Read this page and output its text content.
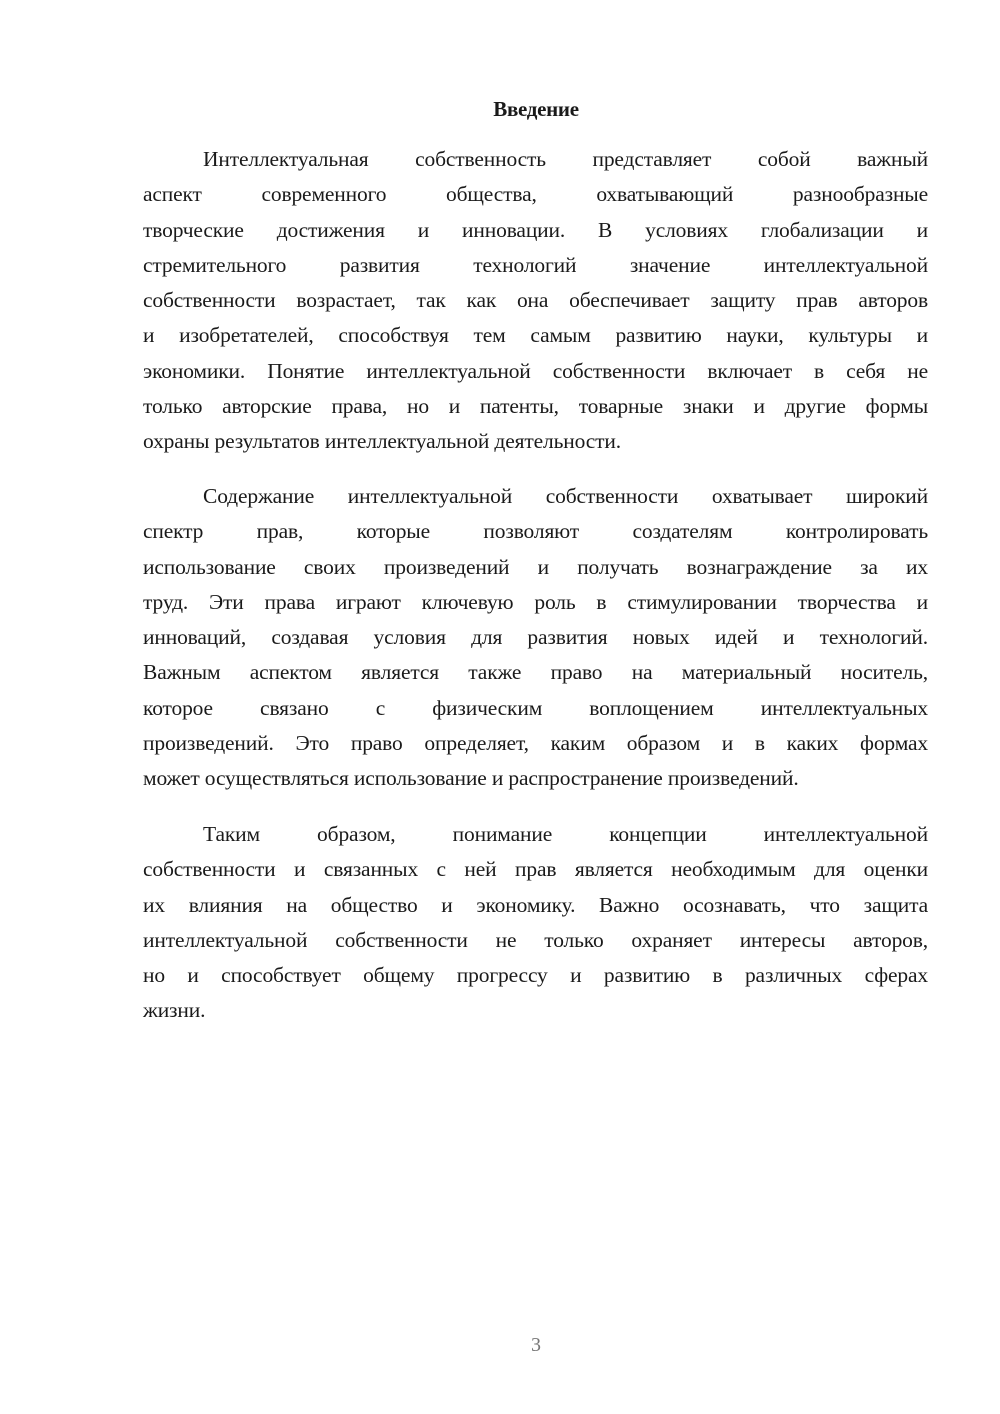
Введение
Интеллектуальная собственность представляет собой важный
аспект современного общества, охватывающий разнообразные
творческие достижения и инновации. В условиях глобализации и
стремительного развития технологий значение интеллектуальной
собственности возрастает, так как она обеспечивает защиту прав авторов
и изобретателей, способствуя тем самым развитию науки, культуры и
экономики. Понятие интеллектуальной собственности включает в себя не
только авторские права, но и патенты, товарные знаки и другие формы
охраны результатов интеллектуальной деятельности.
Содержание интеллектуальной собственности охватывает широкий
спектр прав, которые позволяют создателям контролировать
использование своих произведений и получать вознаграждение за их
труд. Эти права играют ключевую роль в стимулировании творчества и
инноваций, создавая условия для развития новых идей и технологий.
Важным аспектом является также право на материальный носитель,
которое связано с физическим воплощением интеллектуальных
произведений. Это право определяет, каким образом и в каких формах
может осуществляться использование и распространение произведений.
Таким образом, понимание концепции интеллектуальной
собственности и связанных с ней прав является необходимым для оценки
их влияния на общество и экономику. Важно осознавать, что защита
интеллектуальной собственности не только охраняет интересы авторов,
но и способствует общему прогрессу и развитию в различных сферах
жизни.
3
